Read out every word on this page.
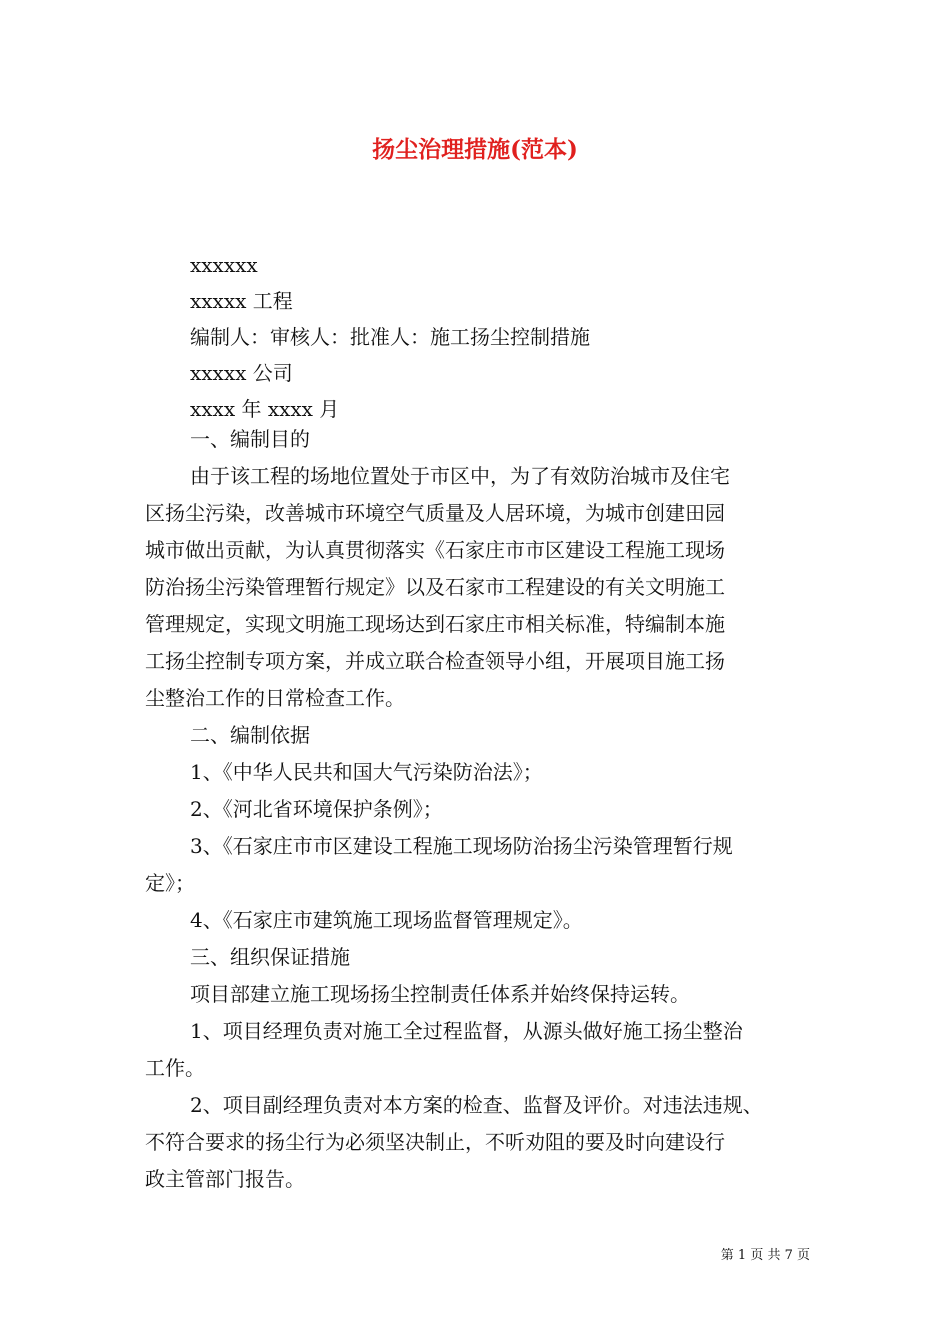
扬尘治理措施(范本)
xxxxxx
xxxxx 工程
编制人：审核人：批准人：施工扬尘控制措施
xxxxx 公司
xxxx 年 xxxx 月

一、编制目的

由于该工程的场地位置处于市区中，为了有效防治城市及住宅

区扬尘污染，改善城市环境空气质量及人居环境，为城市创建田园

城市做出贡献，为认真贯彻落实《石家庄市市区建设工程施工现场

防治扬尘污染管理暂行规定》以及石家市工程建设的有关文明施工

管理规定，实现文明施工现场达到石家庄市相关标准，特编制本施

工扬尘控制专项方案，并成立联合检查领导小组，开展项目施工扬

尘整治工作的日常检查工作。

二、编制依据

1、《中华人民共和国大气污染防治法》；

2、《河北省环境保护条例》；

3、《石家庄市市区建设工程施工现场防治扬尘污染管理暂行规

定》；

4、《石家庄市建筑施工现场监督管理规定》。

三、组织保证措施

项目部建立施工现场扬尘控制责任体系并始终保持运转。

1、项目经理负责对施工全过程监督，从源头做好施工扬尘整治

工作。

2、项目副经理负责对本方案的检查、监督及评价。对违法违规、

不符合要求的扬尘行为必须坚决制止，不听劝阻的要及时向建设行

政主管部门报告。

第 1 页 共 7 页
